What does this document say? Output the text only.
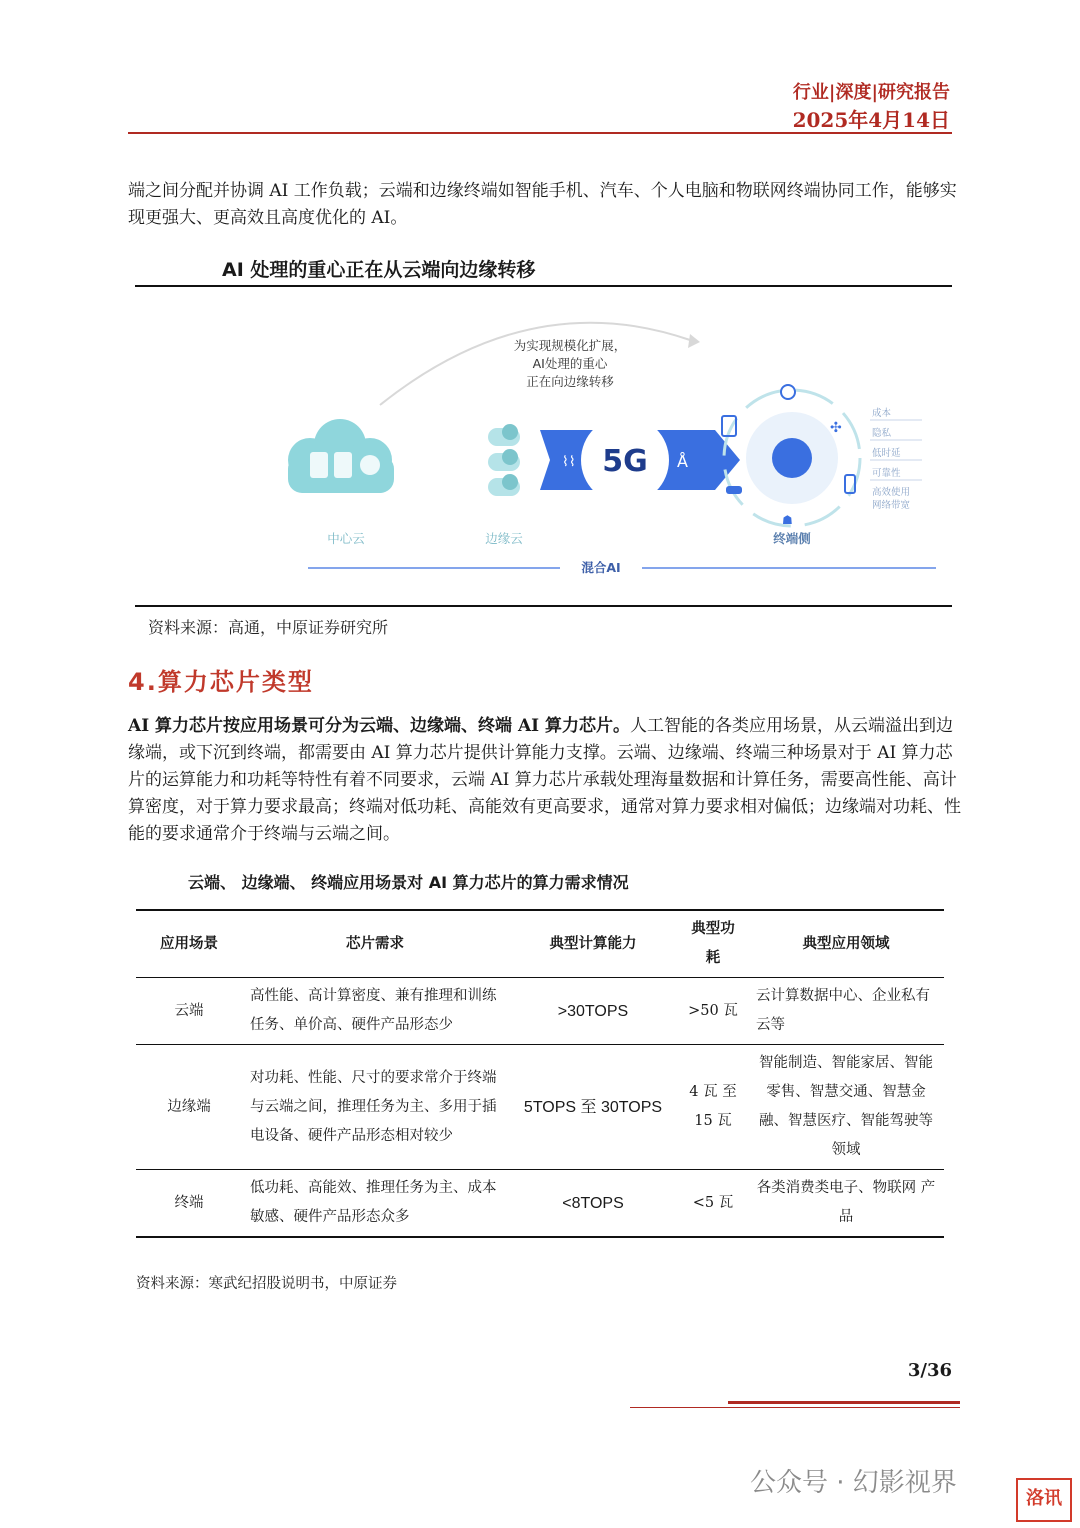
行业|深度|研究报告
2025年4月14日
端之间分配并协调 AI 工作负载；云端和边缘终端如智能手机、汽车、个人电脑和物联网终端协同工作，能够实现更强大、更高效且高度优化的 AI。
AI 处理的重心正在从云端向边缘转移
为实现规模化扩展，
AI处理的重心
正在向边缘转移
5G
⌇⌇	Å
✣
☗
成本
隐私
低时延
可靠性
高效使用
网络带宽
中心云	边缘云	终端侧
混合AI
资料来源：高通，中原证券研究所
4.算力芯片类型
AI 算力芯片按应用场景可分为云端、边缘端、终端 AI 算力芯片。人工智能的各类应用场景，从云端溢出到边缘端，或下沉到终端，都需要由 AI 算力芯片提供计算能力支撑。云端、边缘端、终端三种场景对于 AI 算力芯片的运算能力和功耗等特性有着不同要求，云端 AI 算力芯片承载处理海量数据和计算任务，需要高性能、高计算密度，对于算力要求最高；终端对低功耗、高能效有更高要求，通常对算力要求相对偏低；边缘端对功耗、性能的要求通常介于终端与云端之间。
云端、 边缘端、 终端应用场景对 AI 算力芯片的算力需求情况
应用场景	芯片需求	典型计算能力	典型功耗	典型应用领域
云端	高性能、高计算密度、兼有推理和训练任务、单价高、硬件产品形态少	>30TOPS	>50 瓦	云计算数据中心、企业私有云等
边缘端	对功耗、性能、尺寸的要求常介于终端与云端之间，推理任务为主、多用于插电设备、硬件产品形态相对较少	5TOPS 至 30TOPS	4 瓦 至 15 瓦	智能制造、智能家居、智能零售、智慧交通、智慧金融、智慧医疗、智能驾驶等领域
终端	低功耗、高能效、推理任务为主、成本敏感、硬件产品形态众多	<8TOPS	<5 瓦	各类消费类电子、物联网 产品
资料来源：寒武纪招股说明书，中原证券
3/36
公众号 · 幻影视界
洛讯
